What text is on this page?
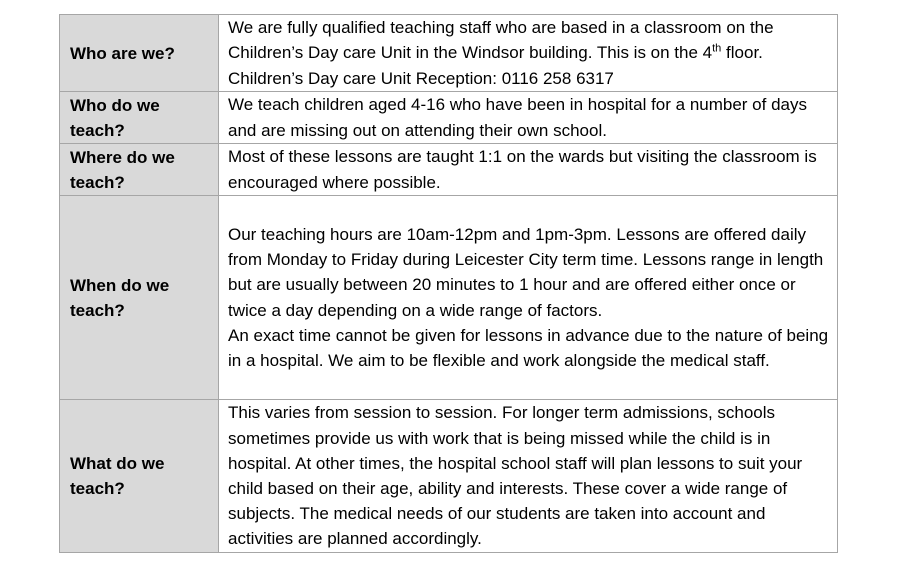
Who are we?	We are fully qualified teaching staff who are based in a classroom on the Children’s Day care Unit in the Windsor building. This is on the 4th floor. Children’s Day care Unit Reception: 0116 258 6317

Who do we teach?	We teach children aged 4-16 who have been in hospital for a number of days and are missing out on attending their own school.

Where do we teach?	Most of these lessons are taught 1:1 on the wards but visiting the classroom is encouraged where possible.

When do we teach?	Our teaching hours are 10am-12pm and 1pm-3pm. Lessons are offered daily from Monday to Friday during Leicester City term time. Lessons range in length but are usually between 20 minutes to 1 hour and are offered either once or twice a day depending on a wide range of factors.

An exact time cannot be given for lessons in advance due to the nature of being in a hospital. We aim to be flexible and work alongside the medical staff.

What do we teach?	This varies from session to session. For longer term admissions, schools sometimes provide us with work that is being missed while the child is in hospital. At other times, the hospital school staff will plan lessons to suit your child based on their age, ability and interests. These cover a wide range of subjects. The medical needs of our students are taken into account and activities are planned accordingly.
